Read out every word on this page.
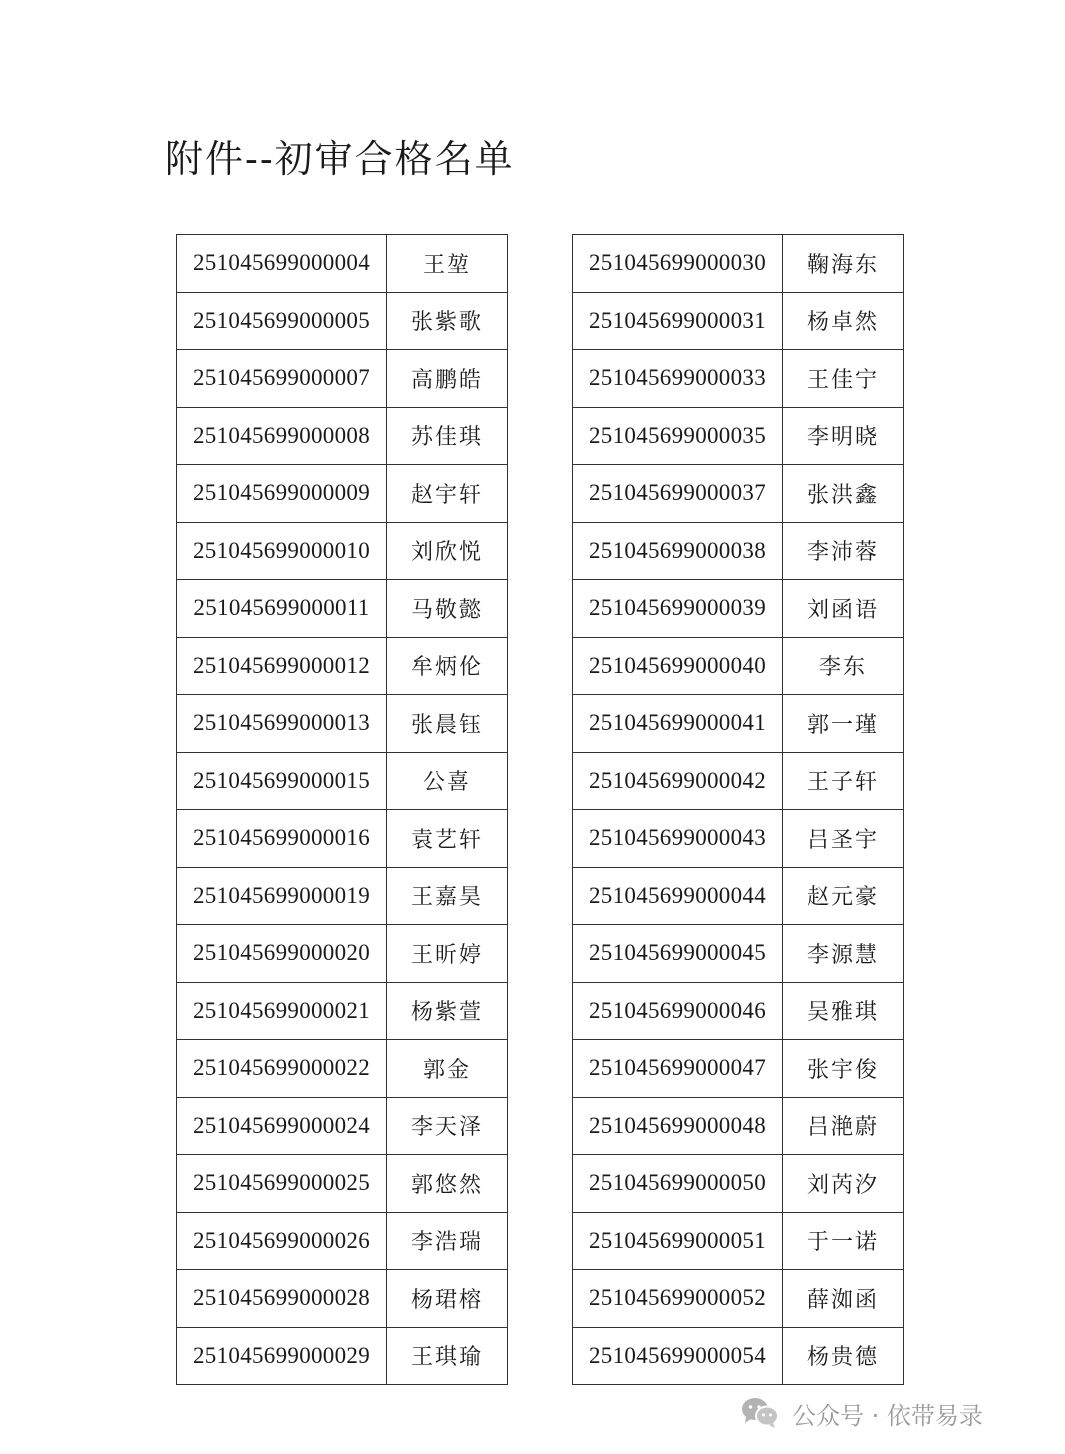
附件--初审合格名单
251045699000004	王堃
251045699000005	张紫歌
251045699000007	高鹏皓
251045699000008	苏佳琪
251045699000009	赵宇轩
251045699000010	刘欣悦
251045699000011	马敬懿
251045699000012	牟炳伦
251045699000013	张晨钰
251045699000015	公喜
251045699000016	袁艺轩
251045699000019	王嘉昊
251045699000020	王昕婷
251045699000021	杨紫萱
251045699000022	郭金
251045699000024	李天泽
251045699000025	郭悠然
251045699000026	李浩瑞
251045699000028	杨珺榕
251045699000029	王琪瑜
251045699000030	鞠海东
251045699000031	杨卓然
251045699000033	王佳宁
251045699000035	李明晓
251045699000037	张洪鑫
251045699000038	李沛蓉
251045699000039	刘函语
251045699000040	李东
251045699000041	郭一瑾
251045699000042	王子轩
251045699000043	吕圣宇
251045699000044	赵元豪
251045699000045	李源慧
251045699000046	吴雅琪
251045699000047	张宇俊
251045699000048	吕滟蔚
251045699000050	刘芮汐
251045699000051	于一诺
251045699000052	薛洳函
251045699000054	杨贵德
公众号 · 依带易录
